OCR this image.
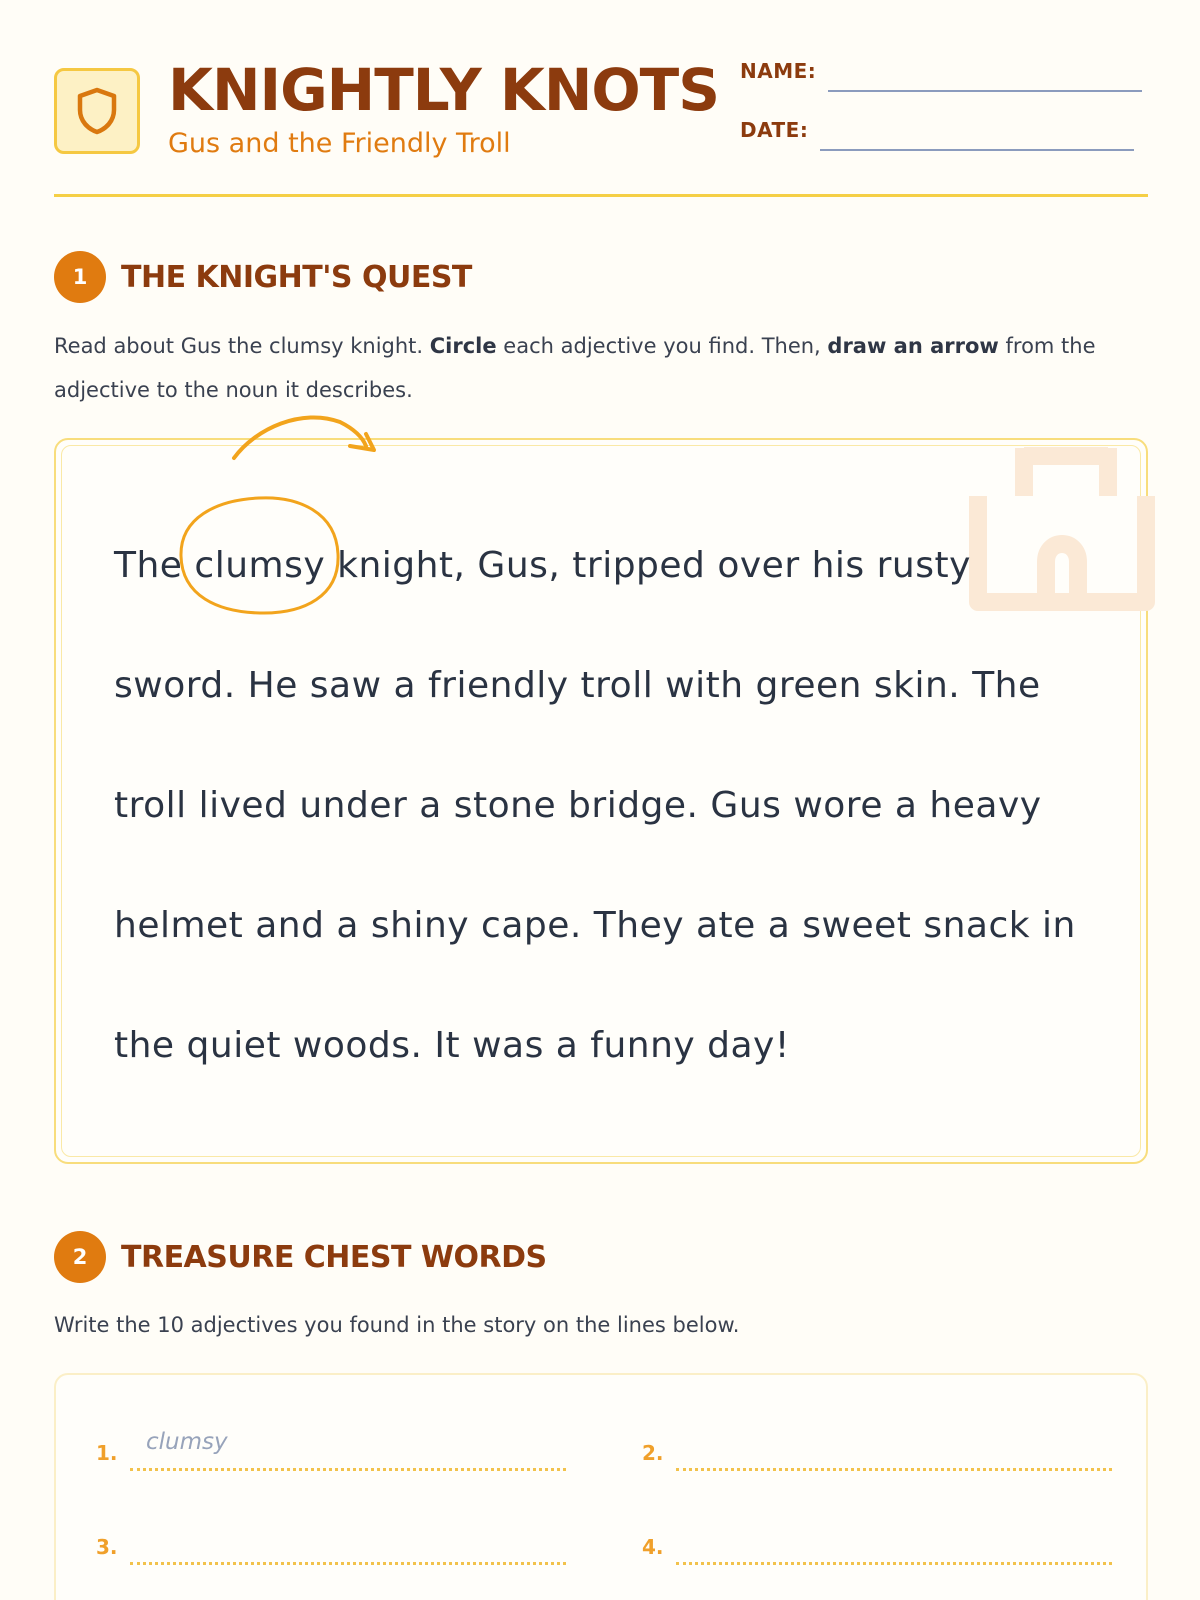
KNIGHTLY KNOTS
Gus and the Friendly Troll
NAME:
DATE:
1	THE KNIGHT'S QUEST
Read about Gus the clumsy knight. Circle each adjective you find. Then, draw an arrow from the adjective to the noun it describes.
The
clumsy knight, Gus, tripped over his rusty
sword. He saw a friendly troll with green skin. The
troll lived under a stone bridge. Gus wore a heavy
helmet and a shiny cape. They ate a sweet snack in
the quiet woods. It was a funny day!
2	TREASURE CHEST WORDS
Write the 10 adjectives you found in the story on the lines below.
1. clumsy	2.
3.	4.
